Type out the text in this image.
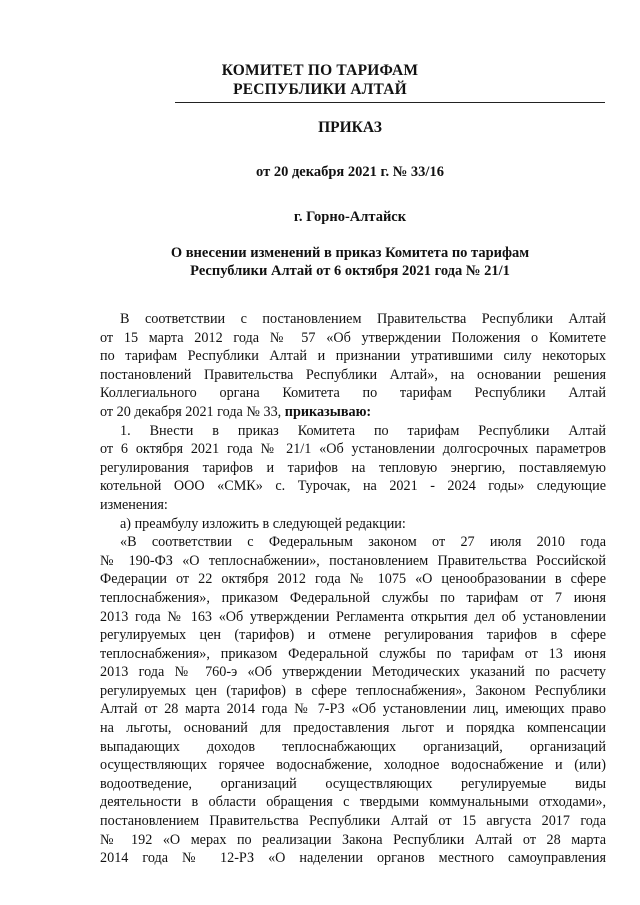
КОМИТЕТ ПО ТАРИФАМ
РЕСПУБЛИКИ АЛТАЙ
ПРИКАЗ
от 20 декабря 2021 г. № 33/16
г. Горно-Алтайск
О внесении изменений в приказ Комитета по тарифам
Республики Алтай от 6 октября 2021 года № 21/1
В соответствии с постановлением Правительства Республики Алтай
от 15 марта 2012 года № 57 «Об утверждении Положения о Комитете
по тарифам Республики Алтай и признании утратившими силу некоторых
постановлений Правительства Республики Алтай», на основании решения
Коллегиального органа Комитета по тарифам Республики Алтай
от 20 декабря 2021 года № 33, приказываю:
1. Внести в приказ Комитета по тарифам Республики Алтай
от 6 октября 2021 года № 21/1 «Об установлении долгосрочных параметров
регулирования тарифов и тарифов на тепловую энергию, поставляемую
котельной ООО «СМК» с. Турочак, на 2021 - 2024 годы» следующие
изменения:
а) преамбулу изложить в следующей редакции:
«В соответствии с Федеральным законом от 27 июля 2010 года
№ 190-ФЗ «О теплоснабжении», постановлением Правительства Российской
Федерации от 22 октября 2012 года № 1075 «О ценообразовании в сфере
теплоснабжения», приказом Федеральной службы по тарифам от 7 июня
2013 года № 163 «Об утверждении Регламента открытия дел об установлении
регулируемых цен (тарифов) и отмене регулирования тарифов в сфере
теплоснабжения», приказом Федеральной службы по тарифам от 13 июня
2013 года № 760-э «Об утверждении Методических указаний по расчету
регулируемых цен (тарифов) в сфере теплоснабжения», Законом Республики
Алтай от 28 марта 2014 года № 7-РЗ «Об установлении лиц, имеющих право
на льготы, оснований для предоставления льгот и порядка компенсации
выпадающих доходов теплоснабжающих организаций, организаций
осуществляющих горячее водоснабжение, холодное водоснабжение и (или)
водоотведение, организаций осуществляющих регулируемые виды
деятельности в области обращения с твердыми коммунальными отходами»,
постановлением Правительства Республики Алтай от 15 августа 2017 года
№ 192 «О мерах по реализации Закона Республики Алтай от 28 марта
2014 года № 12-РЗ «О наделении органов местного самоуправления
